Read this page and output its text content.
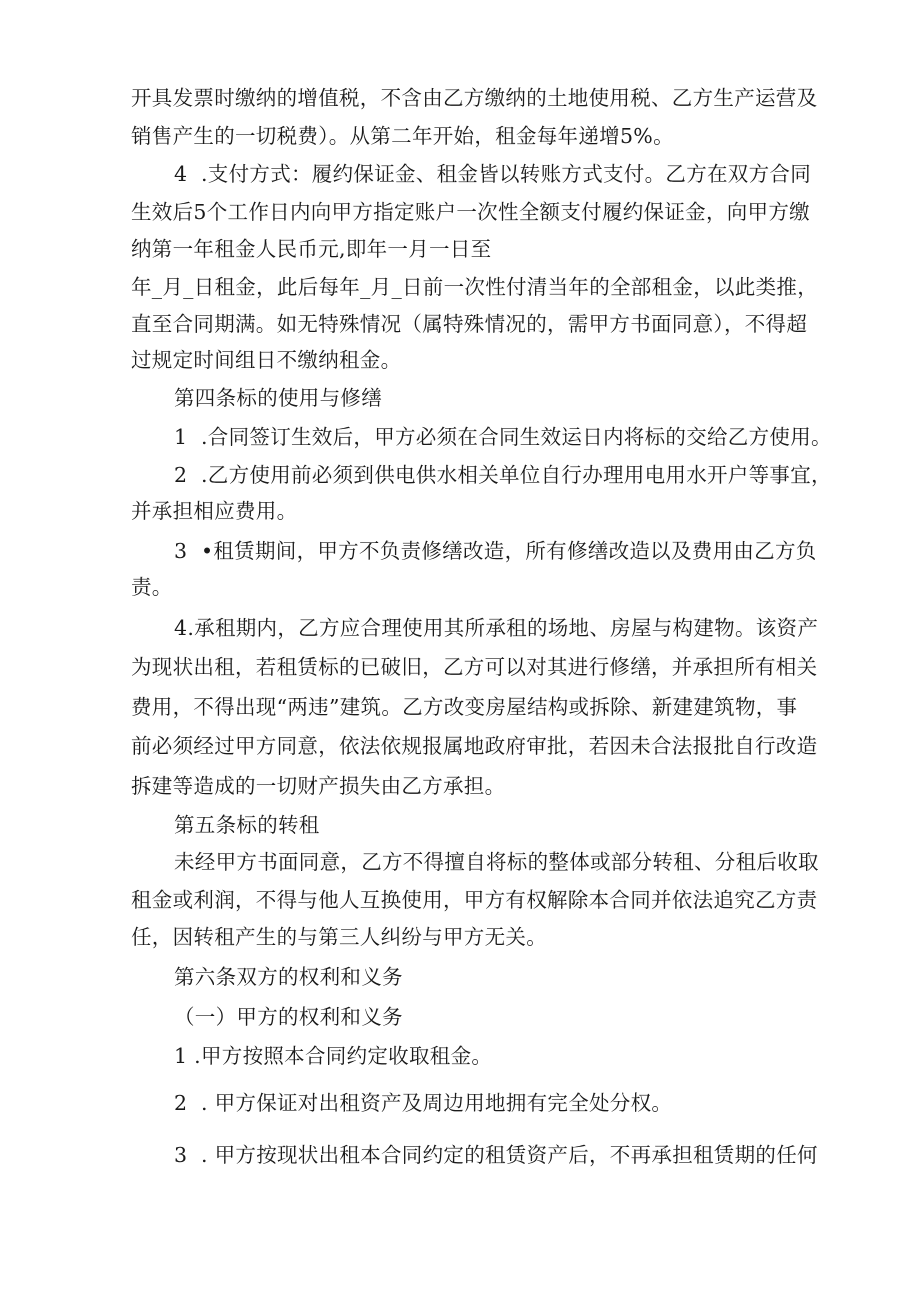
开具发票时缴纳的增值税，不含由乙方缴纳的土地使用税、乙方生产运营及
销售产生的一切税费）。从第二年开始，租金每年递增5%。
4  .支付方式：履约保证金、租金皆以转账方式支付。乙方在双方合同
生效后5个工作日内向甲方指定账户一次性全额支付履约保证金，向甲方缴
纳第一年租金人民币元,即年一月一日至
年_月_日租金，此后每年_月_日前一次性付清当年的全部租金，以此类推，
直至合同期满。如无特殊情况（属特殊情况的，需甲方书面同意），不得超
过规定时间组日不缴纳租金。
第四条标的使用与修缮
1  .合同签订生效后，甲方必须在合同生效运日内将标的交给乙方使用。
2  .乙方使用前必须到供电供水相关单位自行办理用电用水开户等事宜，
并承担相应费用。
3  •租赁期间，甲方不负责修缮改造，所有修缮改造以及费用由乙方负
责。
4.承租期内，乙方应合理使用其所承租的场地、房屋与构建物。该资产
为现状出租，若租赁标的已破旧，乙方可以对其进行修缮，并承担所有相关
费用，不得出现“两违”建筑。乙方改变房屋结构或拆除、新建建筑物，事
前必须经过甲方同意，依法依规报属地政府审批，若因未合法报批自行改造
拆建等造成的一切财产损失由乙方承担。
第五条标的转租
未经甲方书面同意，乙方不得擅自将标的整体或部分转租、分租后收取
租金或利润，不得与他人互换使用，甲方有权解除本合同并依法追究乙方责
任，因转租产生的与第三人纠纷与甲方无关。
第六条双方的权利和义务
（一）甲方的权利和义务
1 .甲方按照本合同约定收取租金。
2  . 甲方保证对出租资产及周边用地拥有完全处分权。
3  . 甲方按现状出租本合同约定的租赁资产后，不再承担租赁期的任何
